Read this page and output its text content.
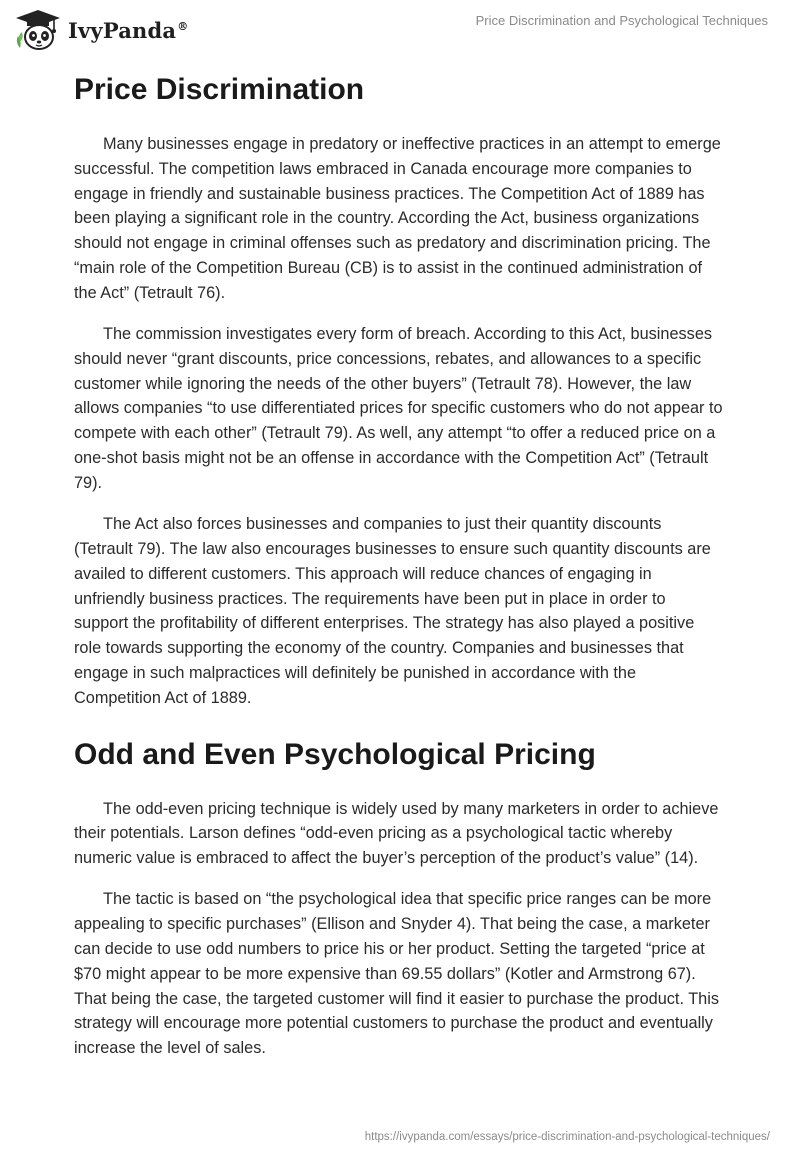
IvyPanda®	Price Discrimination and Psychological Techniques
Price Discrimination

Many businesses engage in predatory or ineffective practices in an attempt to emerge successful. The competition laws embraced in Canada encourage more companies to engage in friendly and sustainable business practices. The Competition Act of 1889 has been playing a significant role in the country. According the Act, business organizations should not engage in criminal offenses such as predatory and discrimination pricing. The “main role of the Competition Bureau (CB) is to assist in the continued administration of the Act” (Tetrault 76).

The commission investigates every form of breach. According to this Act, businesses should never “grant discounts, price concessions, rebates, and allowances to a specific customer while ignoring the needs of the other buyers” (Tetrault 78). However, the law allows companies “to use differentiated prices for specific customers who do not appear to compete with each other” (Tetrault 79). As well, any attempt “to offer a reduced price on a one-shot basis might not be an offense in accordance with the Competition Act” (Tetrault 79).

The Act also forces businesses and companies to just their quantity discounts (Tetrault 79). The law also encourages businesses to ensure such quantity discounts are availed to different customers. This approach will reduce chances of engaging in unfriendly business practices. The requirements have been put in place in order to support the profitability of different enterprises. The strategy has also played a positive role towards supporting the economy of the country. Companies and businesses that engage in such malpractices will definitely be punished in accordance with the Competition Act of 1889.

Odd and Even Psychological Pricing

The odd-even pricing technique is widely used by many marketers in order to achieve their potentials. Larson defines “odd-even pricing as a psychological tactic whereby numeric value is embraced to affect the buyer’s perception of the product’s value” (14).

The tactic is based on “the psychological idea that specific price ranges can be more appealing to specific purchases” (Ellison and Snyder 4). That being the case, a marketer can decide to use odd numbers to price his or her product. Setting the targeted “price at $70 might appear to be more expensive than 69.55 dollars” (Kotler and Armstrong 67). That being the case, the targeted customer will find it easier to purchase the product. This strategy will encourage more potential customers to purchase the product and eventually increase the level of sales.

https://ivypanda.com/essays/price-discrimination-and-psychological-techniques/
